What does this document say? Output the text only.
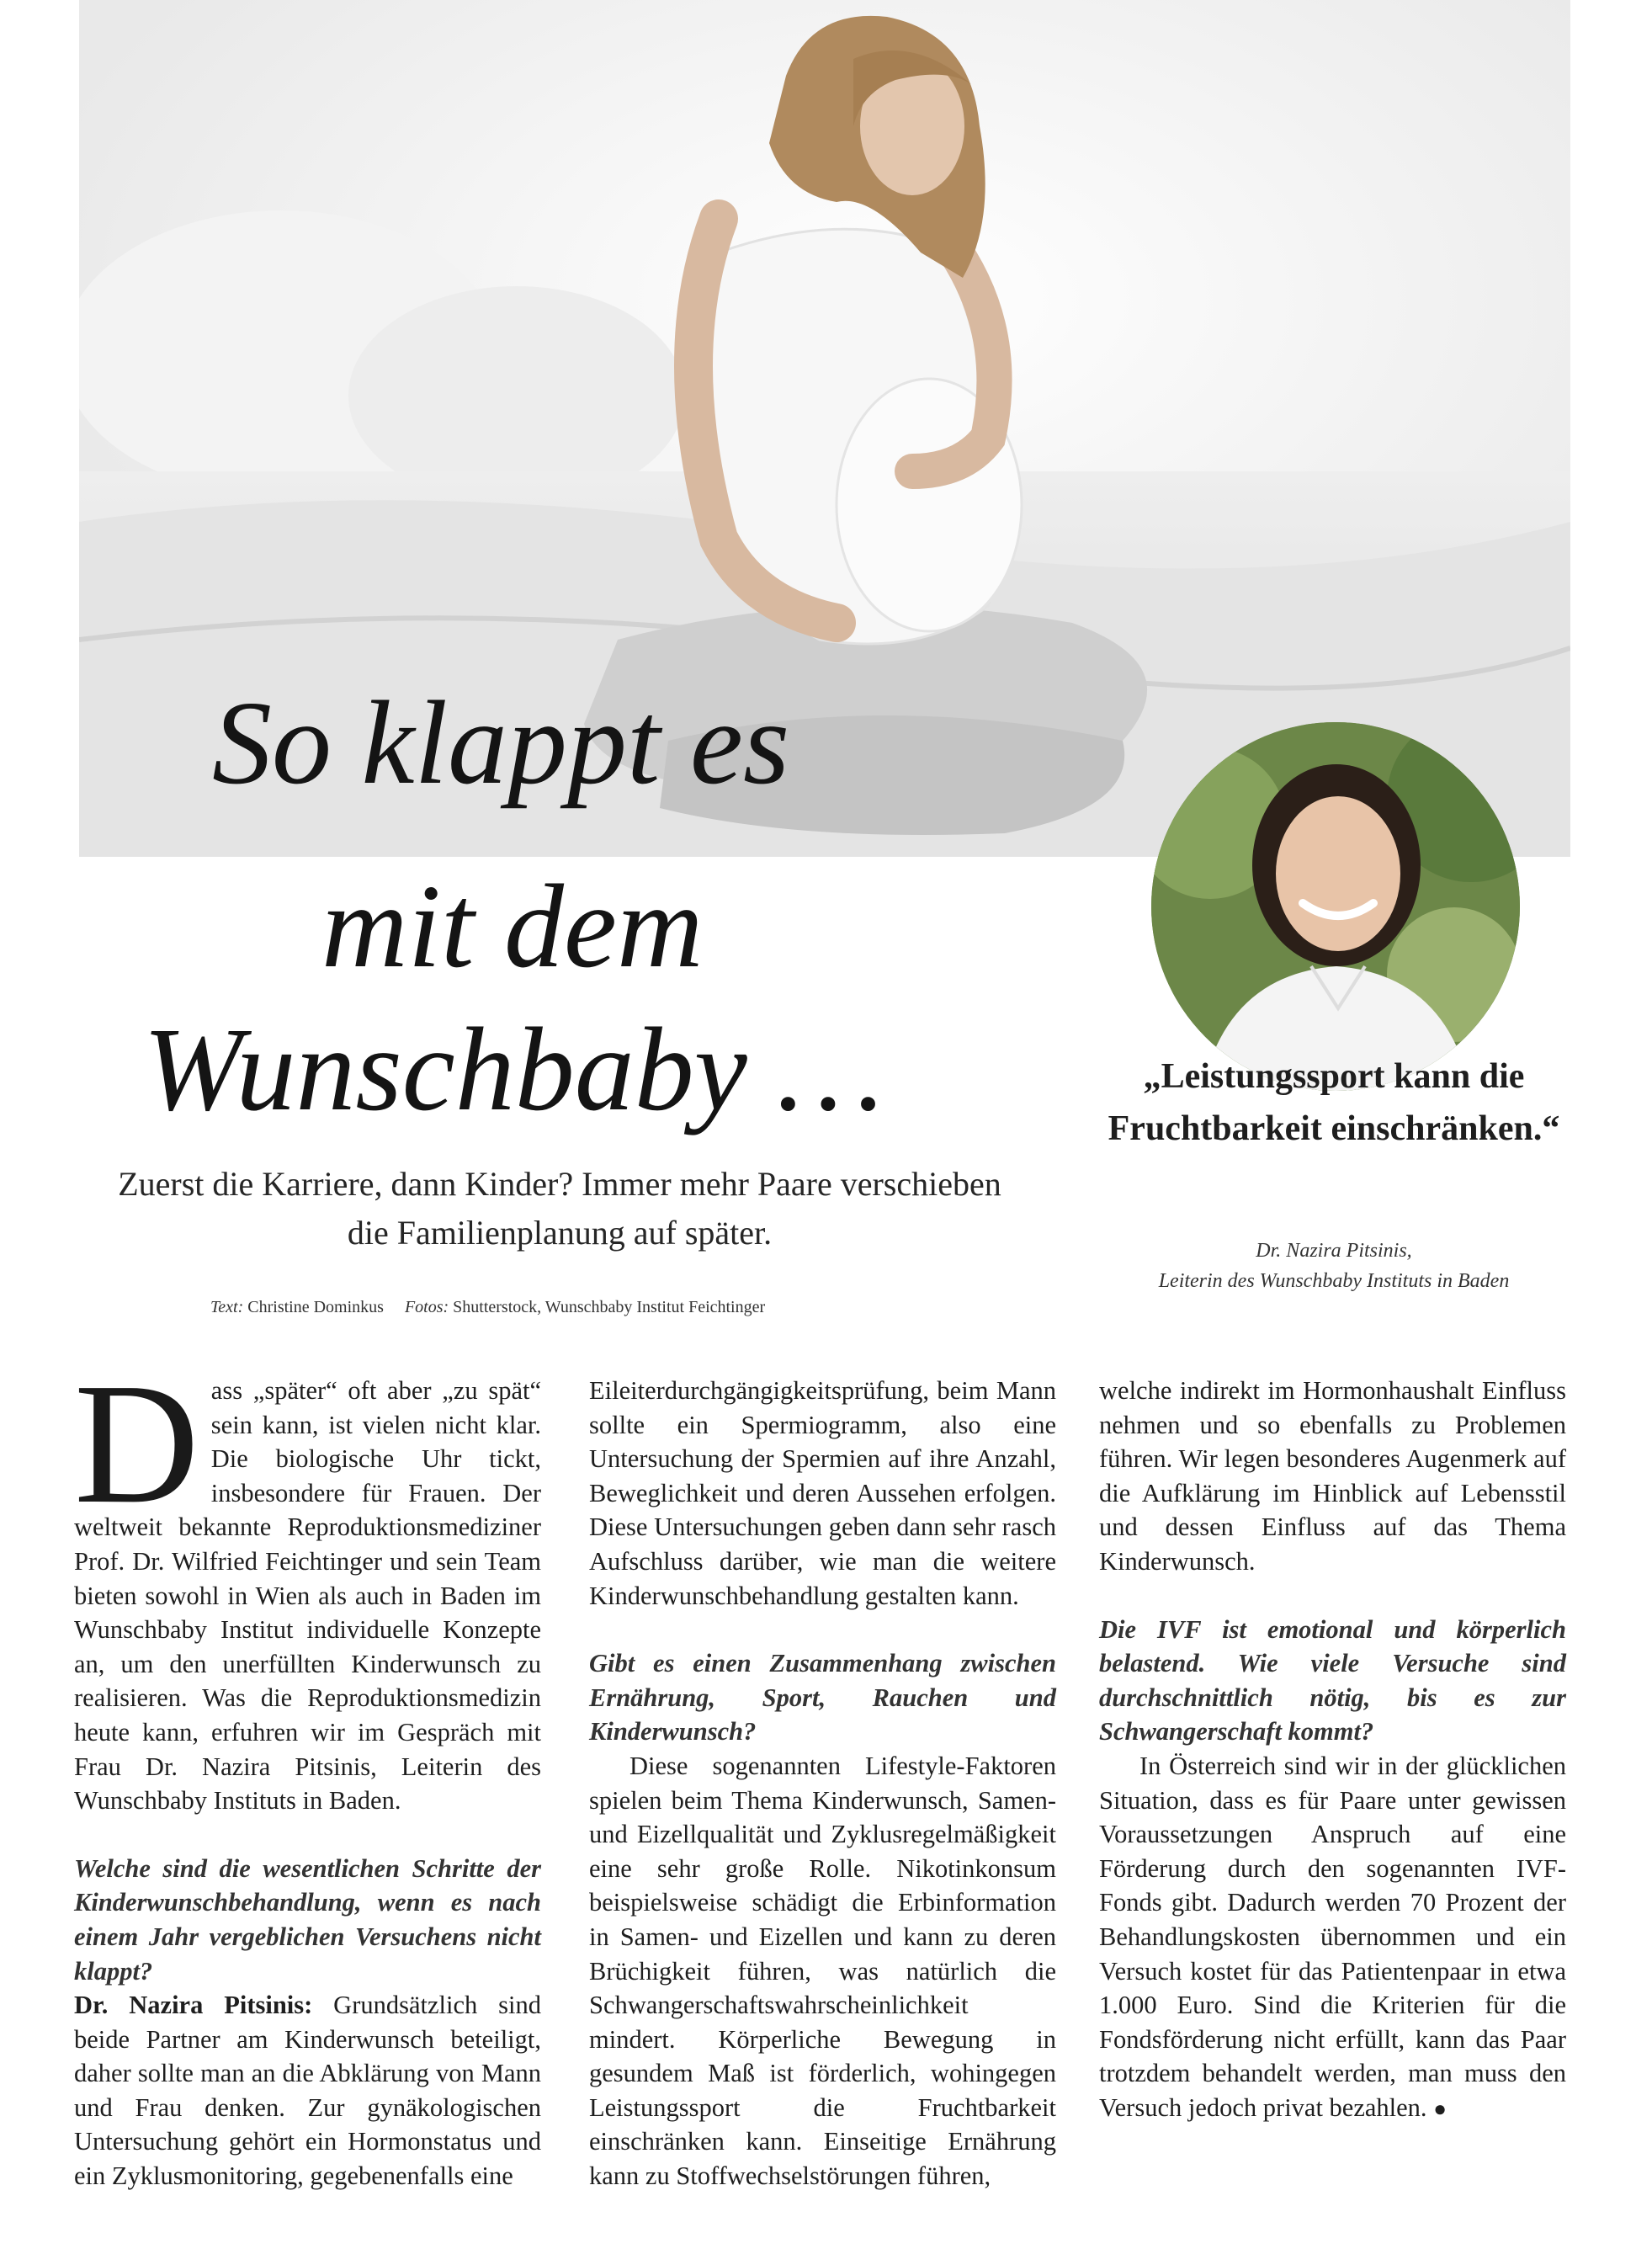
So klappt es
mit dem
Wunschbaby …
Zuerst die Karriere, dann Kinder? Immer mehr Paare verschieben die Familienplanung auf später.
Text: Christine Dominkus Fotos: Shutterstock, Wunschbaby Institut Feichtinger
„Leistungssport kann die Fruchtbarkeit einschränken.“
Dr. Nazira Pitsinis,
Leiterin des Wunschbaby Instituts in Baden

Dass „später“ oft aber „zu spät“ sein kann, ist vielen nicht klar. Die biologische Uhr tickt, insbesondere für Frauen. Der weltweit bekannte Reproduktionsmediziner Prof. Dr. Wilfried Feichtinger und sein Team bieten sowohl in Wien als auch in Baden im Wunschbaby Institut individuelle Konzepte an, um den unerfüllten Kinderwunsch zu realisieren. Was die Reproduktionsmedizin heute kann, erfuhren wir im Gespräch mit Frau Dr. Nazira Pitsinis, Leiterin des Wunschbaby Instituts in Baden.

Welche sind die wesentlichen Schritte der Kinderwunschbehandlung, wenn es nach einem Jahr vergeblichen Versuchens nicht klappt?

Dr. Nazira Pitsinis: Grundsätzlich sind beide Partner am Kinderwunsch beteiligt, daher sollte man an die Abklärung von Mann und Frau denken. Zur gynäkologischen Untersuchung gehört ein Hormonstatus und ein Zyklusmonitoring, gegebenenfalls eine

Eileiterdurchgängigkeitsprüfung, beim Mann sollte ein Spermiogramm, also eine Untersuchung der Spermien auf ihre Anzahl, Beweglichkeit und deren Aussehen erfolgen. Diese Untersuchungen geben dann sehr rasch Aufschluss darüber, wie man die weitere Kinderwunschbehandlung gestalten kann.

Gibt es einen Zusammenhang zwischen Ernährung, Sport, Rauchen und Kinderwunsch?

Diese sogenannten Lifestyle-Faktoren spielen beim Thema Kinderwunsch, Samen- und Eizellqualität und Zyklusregelmäßigkeit eine sehr große Rolle. Nikotinkonsum beispielsweise schädigt die Erbinformation in Samen- und Eizellen und kann zu deren Brüchigkeit führen, was natürlich die Schwangerschaftswahrscheinlichkeit mindert. Körperliche Bewegung in gesundem Maß ist förderlich, wohingegen Leistungssport die Fruchtbarkeit einschränken kann. Einseitige Ernährung kann zu Stoffwechselstörungen führen,

welche indirekt im Hormonhaushalt Einfluss nehmen und so ebenfalls zu Problemen führen. Wir legen besonderes Augenmerk auf die Aufklärung im Hinblick auf Lebensstil und dessen Einfluss auf das Thema Kinderwunsch.

Die IVF ist emotional und körperlich belastend. Wie viele Versuche sind durchschnittlich nötig, bis es zur Schwangerschaft kommt?

In Österreich sind wir in der glücklichen Situation, dass es für Paare unter gewissen Voraussetzungen Anspruch auf eine Förderung durch den sogenannten IVF-Fonds gibt. Dadurch werden 70 Prozent der Behandlungskosten übernommen und ein Versuch kostet für das Patientenpaar in etwa 1.000 Euro. Sind die Kriterien für die Fondsförderung nicht erfüllt, kann das Paar trotzdem behandelt werden, man muss den Versuch jedoch privat bezahlen. ●
